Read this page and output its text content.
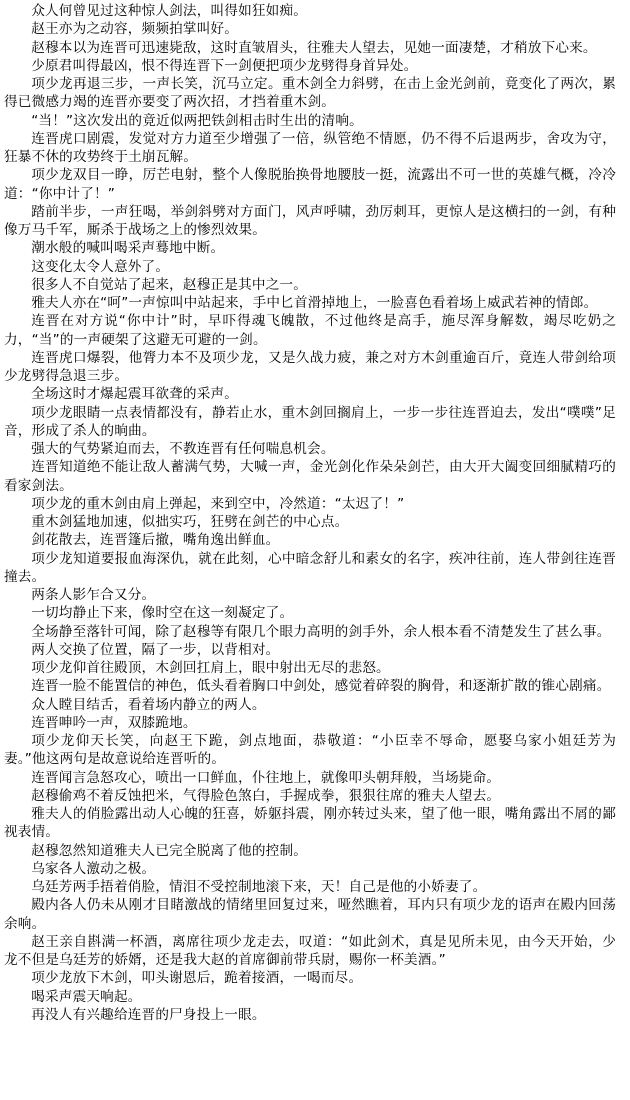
众人何曾见过这种惊人剑法，叫得如狂如痴。

赵王亦为之动容，频频拍掌叫好。

赵穆本以为连晋可迅速毙敌，这时直皱眉头，往雅夫人望去，见她一面凄楚，才稍放下心来。

少原君叫得最凶，恨不得连晋下一剑便把项少龙劈得身首异处。

项少龙再退三步，一声长笑，沉马立定。重木剑全力斜劈，在击上金光剑前，竟变化了两次，累得已微感力竭的连晋亦要变了两次招，才挡着重木剑。

“当！”这次发出的竟近似两把铁剑相击时生出的清响。

连晋虎口剧震，发觉对方力道至少增强了一倍，纵管绝不情愿，仍不得不后退两步，舍攻为守，狂暴不休的攻势终于土崩瓦解。

项少龙双目一睁，厉芒电射，整个人像脱胎换骨地腰肢一挺，流露出不可一世的英雄气概，冷冷道：“你中计了！”

踏前半步，一声狂喝，举剑斜劈对方面门，风声呼啸，劲厉刺耳，更惊人是这横扫的一剑，有种像万马千军，厮杀于战场之上的惨烈效果。

潮水般的喊叫喝采声蓦地中断。

这变化太令人意外了。

很多人不自觉站了起来，赵穆正是其中之一。

雅夫人亦在“呵”一声惊叫中站起来，手中匕首滑掉地上，一脸喜色看着场上威武若神的情郎。

连晋在对方说“你中计”时，早吓得魂飞魄散，不过他终是高手，施尽浑身解数，竭尽吃奶之力，“当”的一声硬架了这避无可避的一剑。

连晋虎口爆裂，他膂力本不及项少龙，又是久战力疲，兼之对方木剑重逾百斤，竟连人带剑给项少龙劈得急退三步。

全场这时才爆起震耳欲聋的采声。

项少龙眼睛一点表情都没有，静若止水，重木剑回搁肩上，一步一步往连晋迫去，发出“噗噗”足音，形成了杀人的晌曲。

强大的气势紧迫而去，不教连晋有任何喘息机会。

连晋知道绝不能让敌人蓄满气势，大喊一声，金光剑化作朵朵剑芒，由大开大阖变回细腻精巧的看家剑法。

项少龙的重木剑由肩上弹起，来到空中，冷然道：“太迟了！”

重木剑猛地加速，似拙实巧，狂劈在剑芒的中心点。

剑花散去，连晋篷后撤，嘴角逸出鲜血。

项少龙知道要报血海深仇，就在此刻，心中暗念舒儿和素女的名字，疾冲往前，连人带剑往连晋撞去。

两条人影乍合又分。

一切均静止下来，像时空在这一刻凝定了。

全场静至落针可闻，除了赵穆等有限几个眼力高明的剑手外，余人根本看不清楚发生了甚么事。

两人交换了位置，隔了一步，以背相对。

项少龙仰首往殿顶，木剑回扛肩上，眼中射出无尽的悲怒。

连晋一脸不能置信的神色，低头看着胸口中剑处，感觉着碎裂的胸骨，和逐渐扩散的锥心剧痛。

众人瞠目结舌，看着场内静立的两人。

连晋呻吟一声，双膝跪地。

项少龙仰天长笑，向赵王下跪，剑点地面，恭敬道：“小臣幸不辱命，愿娶乌家小姐廷芳为妻。”他这两句是故意说给连晋听的。

连晋闻言急怒攻心，喷出一口鲜血，仆往地上，就像叩头朝拜般，当场毙命。

赵穆偷鸡不着反蚀把米，气得脸色煞白，手握成拳，狠狠往席的雅夫人望去。

雅夫人的俏脸露出动人心魄的狂喜，娇躯抖震，刚亦转过头来，望了他一眼，嘴角露出不屑的鄙视表情。

赵穆忽然知道雅夫人已完全脱离了他的控制。

乌家各人激动之极。

乌廷芳两手捂着俏脸，情泪不受控制地滚下来，天！自己是他的小娇妻了。

殿内各人仍未从刚才目睹激战的情绪里回复过来，哑然瞧着，耳内只有项少龙的语声在殿内回荡余响。

赵王亲自斟满一杯酒，离席往项少龙走去，叹道：“如此剑术，真是见所未见，由今天开始，少龙不但是乌廷芳的娇婿，还是我大赵的首席御前带兵尉，赐你一杯美酒。”

项少龙放下木剑，叩头谢恩后，跪着接酒，一喝而尽。

喝采声震天响起。

再没人有兴趣给连晋的尸身投上一眼。
